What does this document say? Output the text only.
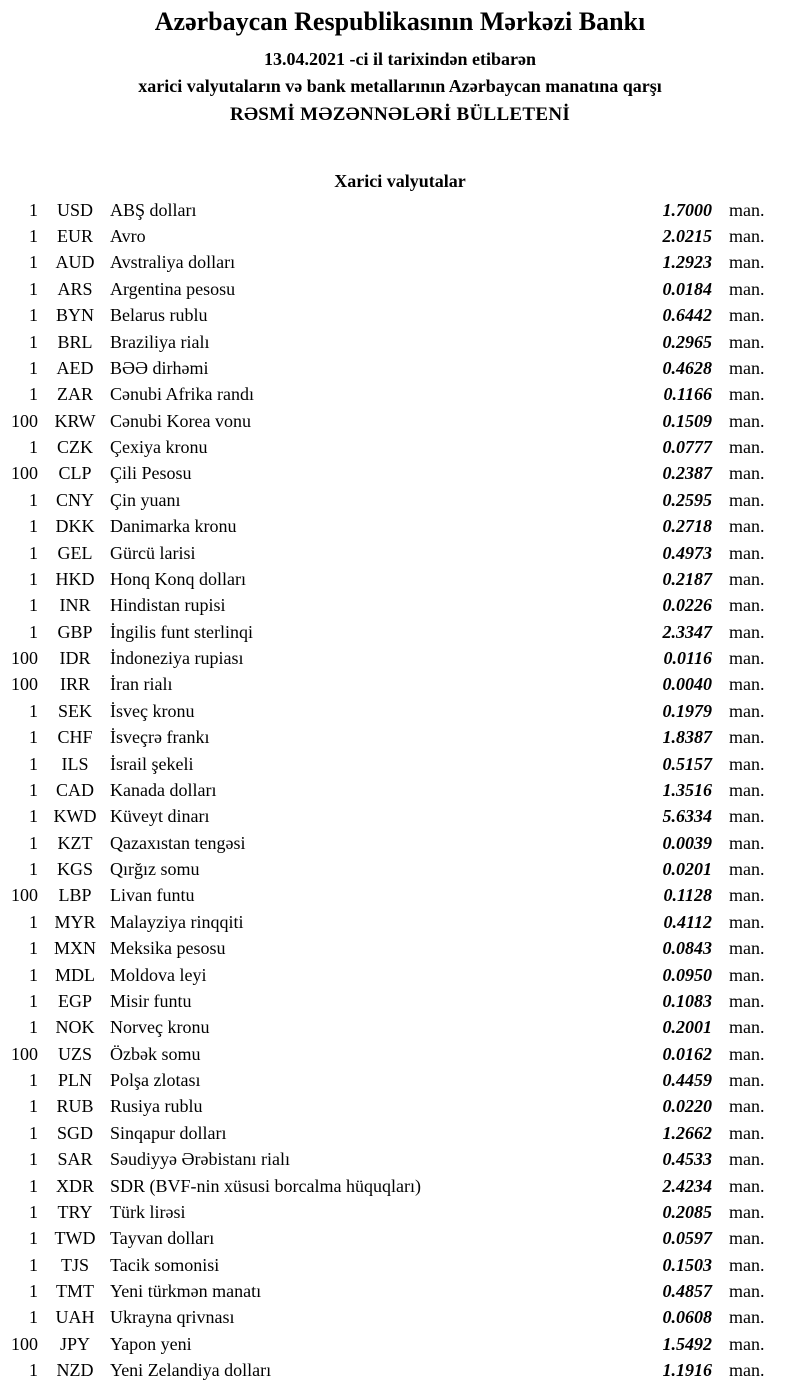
Azərbaycan Respublikasının Mərkəzi Bankı
13.04.2021 -ci il tarixindən etibarən
xarici valyutaların və bank metallarının Azərbaycan manatına qarşı
RƏSMİ MƏZƏNNƏLƏRİ BÜLLETENİ
Xarici valyutalar
1	USD ABŞ dolları	1.7000 man.
1	EUR Avro	2.0215 man.
1 AUD Avstraliya dolları	1.2923 man.
1	ARS Argentina pesosu	0.0184 man.
1 BYN Belarus rublu	0.6442 man.
1	BRL Braziliya rialı	0.2965 man.
1	AED BƏƏ dirhəmi	0.4628 man.
1	ZAR Cənubi Afrika randı	0.1166 man.
100 KRW Cənubi Korea vonu	0.1509 man.
1	CZK Çexiya kronu	0.0777 man.
100	CLP	Çili Pesosu	0.2387 man.
1 CNY Çin yuanı	0.2595 man.
1 DKK Danimarka kronu	0.2718 man.
1	GEL Gürcü larisi	0.4973 man.
1 HKD Honq Konq dolları	0.2187 man.
1	INR	Hindistan rupisi	0.0226 man.
1	GBP İngilis funt sterlinqi	2.3347 man.
100	IDR	İndoneziya rupiası	0.0116 man.
100	IRR	İran rialı	0.0040 man.
1	SEK	İsveç kronu	0.1979 man.
1	CHF İsveçrə frankı	1.8387 man.
1	ILS	İsrail şekeli	0.5157 man.
1 CAD Kanada dolları	1.3516 man.
1 KWD Küveyt dinarı	5.6334 man.
1	KZT Qazaxıstan tengəsi	0.0039 man.
1	KGS Qırğız somu	0.0201 man.
100	LBP	Livan funtu	0.1128 man.
1 MYR Malayziya rinqqiti	0.4112 man.
1 MXN Meksika pesosu	0.0843 man.
1 MDL Moldova leyi	0.0950 man.
1	EGP	Misir funtu	0.1083 man.
1 NOK Norveç kronu	0.2001 man.
100	UZS	Özbək somu	0.0162 man.
1	PLN	Polşa zlotası	0.4459 man.
1	RUB Rusiya rublu	0.0220 man.
1	SGD Sinqapur dolları	1.2662 man.
1	SAR Səudiyyə Ərəbistanı rialı	0.4533 man.
1 XDR SDR (BVF-nin xüsusi borcalma hüquqları)	2.4234 man.
1	TRY Türk lirəsi	0.2085 man.
1 TWD Tayvan dolları	0.0597 man.
1	TJS	Tacik somonisi	0.1503 man.
1	TMT Yeni türkmən manatı	0.4857 man.
1 UAH Ukrayna qrivnası	0.0608 man.
100	JPY	Yapon yeni	1.5492 man.
1	NZD Yeni Zelandiya dolları	1.1916 man.
